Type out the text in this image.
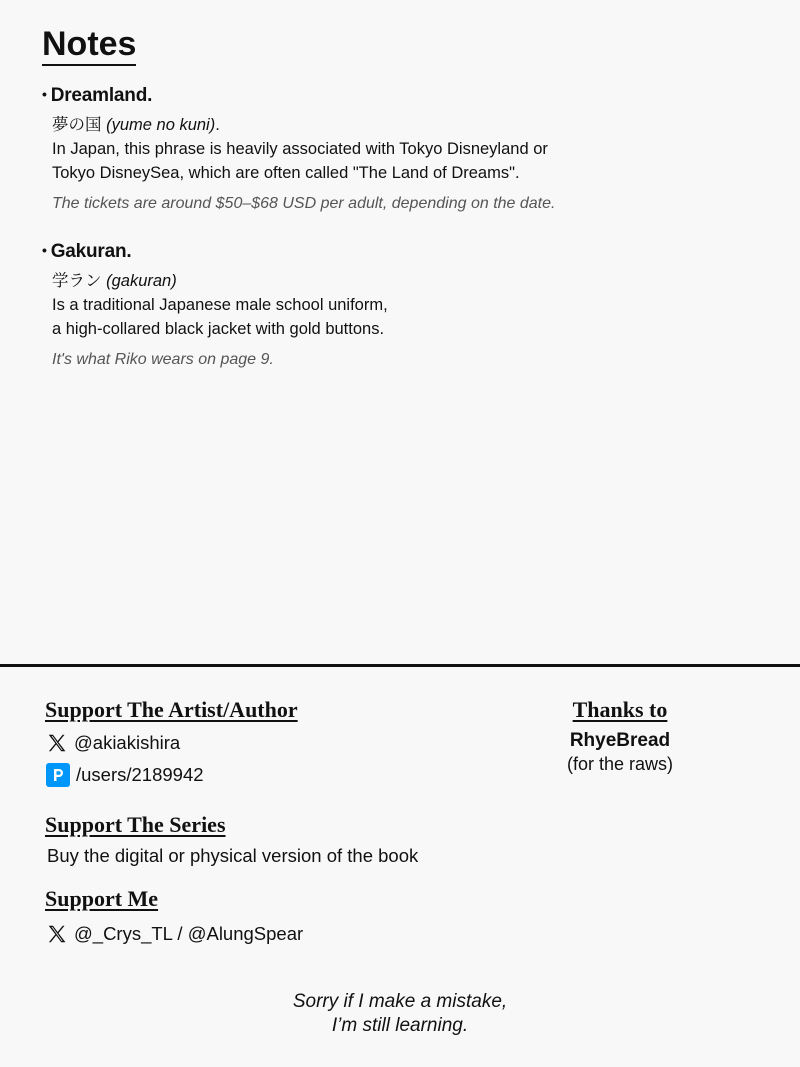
Notes
• Dreamland.
夢の国 (yume no kuni).
In Japan, this phrase is heavily associated with Tokyo Disneyland or
Tokyo DisneySea, which are often called "The Land of Dreams".
The tickets are around $50–$68 USD per adult, depending on the date.
• Gakuran.
学ラン (gakuran)
Is a traditional Japanese male school uniform,
a high-collared black jacket with gold buttons.
It's what Riko wears on page 9.
Support The Artist/Author
@akiakishira
/users/2189942
Support The Series
Buy the digital or physical version of the book
Support Me
@_Crys_TL / @AlungSpear
Thanks to
RhyeBread
(for the raws)
Sorry if I make a mistake,
I’m still learning.
